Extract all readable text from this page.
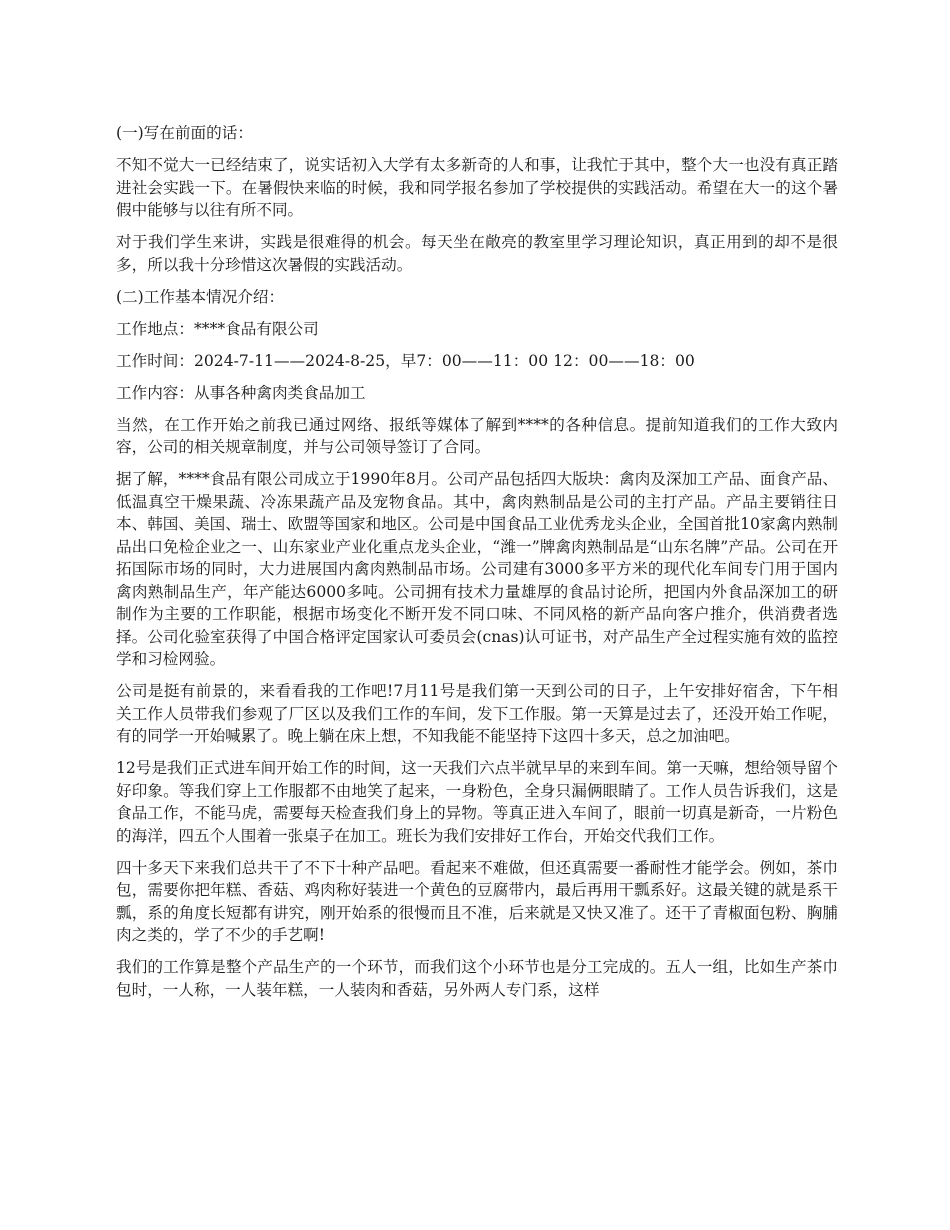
(一)写在前面的话：

不知不觉大一已经结束了，说实话初入大学有太多新奇的人和事，让我忙于其中，整个大一也没有真正踏进社会实践一下。在暑假快来临的时候，我和同学报名参加了学校提供的实践活动。希望在大一的这个暑假中能够与以往有所不同。

对于我们学生来讲，实践是很难得的机会。每天坐在敞亮的教室里学习理论知识，真正用到的却不是很多，所以我十分珍惜这次暑假的实践活动。

(二)工作基本情况介绍：

工作地点：****食品有限公司

工作时间：2024-7-11——2024-8-25，早7：00——11：00 12：00——18：00

工作内容：从事各种禽肉类食品加工

当然，在工作开始之前我已通过网络、报纸等媒体了解到****的各种信息。提前知道我们的工作大致内容，公司的相关规章制度，并与公司领导签订了合同。

据了解，****食品有限公司成立于1990年8月。公司产品包括四大版块：禽肉及深加工产品、面食产品、低温真空干燥果蔬、冷冻果蔬产品及宠物食品。其中，禽肉熟制品是公司的主打产品。产品主要销往日本、韩国、美国、瑞士、欧盟等国家和地区。公司是中国食品工业优秀龙头企业，全国首批10家禽内熟制品出口免检企业之一、山东家业产业化重点龙头企业，“潍一”牌禽肉熟制品是“山东名牌”产品。公司在开拓国际市场的同时，大力进展国内禽肉熟制品市场。公司建有3000多平方米的现代化车间专门用于国内禽肉熟制品生产，年产能达6000多吨。公司拥有技术力量雄厚的食品讨论所，把国内外食品深加工的研制作为主要的工作职能，根据市场变化不断开发不同口味、不同风格的新产品向客户推介，供消费者选择。公司化验室获得了中国合格评定国家认可委员会(cnas)认可证书，对产品生产全过程实施有效的监控学和习检网验。

公司是挺有前景的，来看看我的工作吧!7月11号是我们第一天到公司的日子，上午安排好宿舍，下午相关工作人员带我们参观了厂区以及我们工作的车间，发下工作服。第一天算是过去了，还没开始工作呢，有的同学一开始喊累了。晚上躺在床上想，不知我能不能坚持下这四十多天，总之加油吧。

12号是我们正式进车间开始工作的时间，这一天我们六点半就早早的来到车间。第一天嘛，想给领导留个好印象。等我们穿上工作服都不由地笑了起来，一身粉色，全身只漏俩眼睛了。工作人员告诉我们，这是食品工作，不能马虎，需要每天检查我们身上的异物。等真正进入车间了，眼前一切真是新奇，一片粉色的海洋，四五个人围着一张桌子在加工。班长为我们安排好工作台，开始交代我们工作。

四十多天下来我们总共干了不下十种产品吧。看起来不难做，但还真需要一番耐性才能学会。例如，茶巾包，需要你把年糕、香菇、鸡肉称好装进一个黄色的豆腐带内，最后再用干瓢系好。这最关键的就是系干瓢，系的角度长短都有讲究，刚开始系的很慢而且不准，后来就是又快又准了。还干了青椒面包粉、胸脯肉之类的，学了不少的手艺啊!

我们的工作算是整个产品生产的一个环节，而我们这个小环节也是分工完成的。五人一组，比如生产茶巾包时，一人称，一人装年糕，一人装肉和香菇，另外两人专门系，这样
